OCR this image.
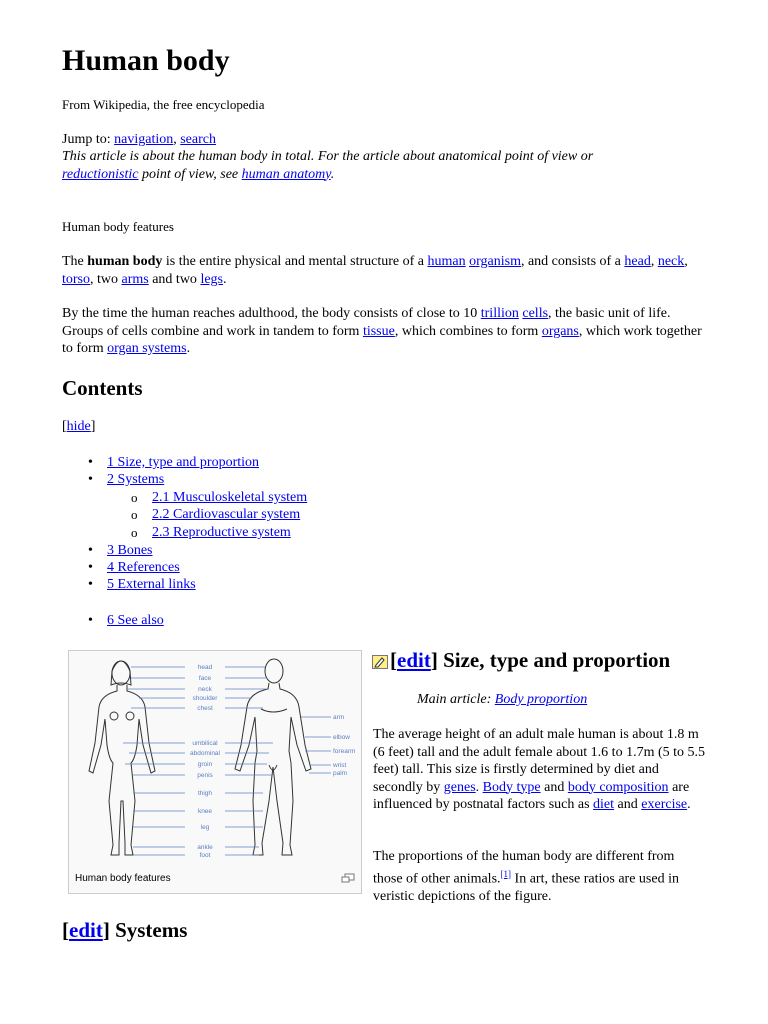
Human body

From Wikipedia, the free encyclopedia

Jump to: navigation, search

This article is about the human body in total. For the article about anatomical point of view or reductionistic point of view, see human anatomy.

Human body features

The human body is the entire physical and mental structure of a human organism, and consists of a head, neck, torso, two arms and two legs.

By the time the human reaches adulthood, the body consists of close to 10 trillion cells, the basic unit of life. Groups of cells combine and work in tandem to form tissue, which combines to form organs, which work together to form organ systems.

Contents

[hide]

• 1 Size, type and proportion
• 2 Systems
o 2.1 Musculoskeletal system
o 2.2 Cardiovascular system
o 2.3 Reproductive system
• 3 Bones
• 4 References
• 5 External links
• 6 See also
head
face
neck
shoulder
chest
umbilical
abdominal
groin
penis
thigh
knee
leg
ankle
foot
arm
elbow
forearm
wrist
palm
Human body features
[edit] Size, type and proportion

Main article: Body proportion

The average height of an adult male human is about 1.8 m (6 feet) tall and the adult female about 1.6 to 1.7m (5 to 5.5 feet) tall. This size is firstly determined by diet and secondly by genes. Body type and body composition are influenced by postnatal factors such as diet and exercise.

The proportions of the human body are different from those of other animals.[1] In art, these ratios are used in veristic depictions of the figure.

[edit] Systems
